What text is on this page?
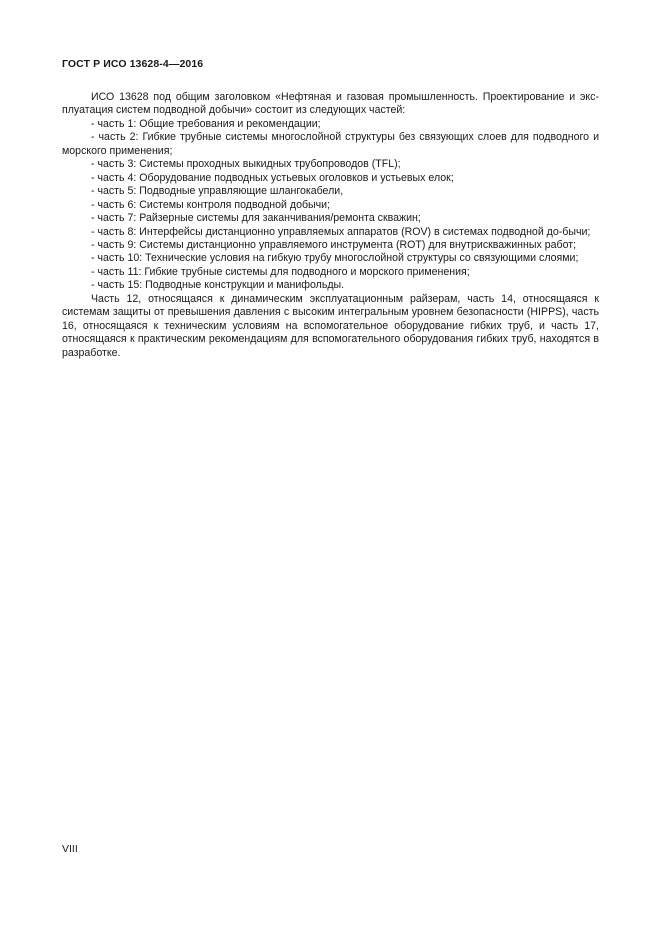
ГОСТ Р ИСО 13628-4—2016

ИСО 13628 под общим заголовком «Нефтяная и газовая промышленность. Проектирование и экс-плуатация систем подводной добычи» состоит из следующих частей:

- часть 1: Общие требования и рекомендации;

- часть 2: Гибкие трубные системы многослойной структуры без связующих слоев для подводного и морского применения;

- часть 3: Системы проходных выкидных трубопроводов (TFL);

- часть 4: Оборудование подводных устьевых оголовков и устьевых елок;

- часть 5: Подводные управляющие шлангокабели,

- часть 6: Системы контроля подводной добычи;

- часть 7: Райзерные системы для заканчивания/ремонта скважин;

- часть 8: Интерфейсы дистанционно управляемых аппаратов (ROV) в системах подводной до-бычи;

- часть 9: Системы дистанционно управляемого инструмента (ROT) для внутрискважинных работ;

- часть 10: Технические условия на гибкую трубу многослойной структуры со связующими слоями;

- часть 11: Гибкие трубные системы для подводного и морского применения;

- часть 15: Подводные конструкции и манифольды.

Часть 12, относящаяся к динамическим эксплуатационным райзерам, часть 14, относящаяся к системам защиты от превышения давления с высоким интегральным уровнем безопасности (HIPPS), часть 16, относящаяся к техническим условиям на вспомогательное оборудование гибких труб, и часть 17, относящаяся к практическим рекомендациям для вспомогательного оборудования гибких труб, находятся в разработке.

VIII
